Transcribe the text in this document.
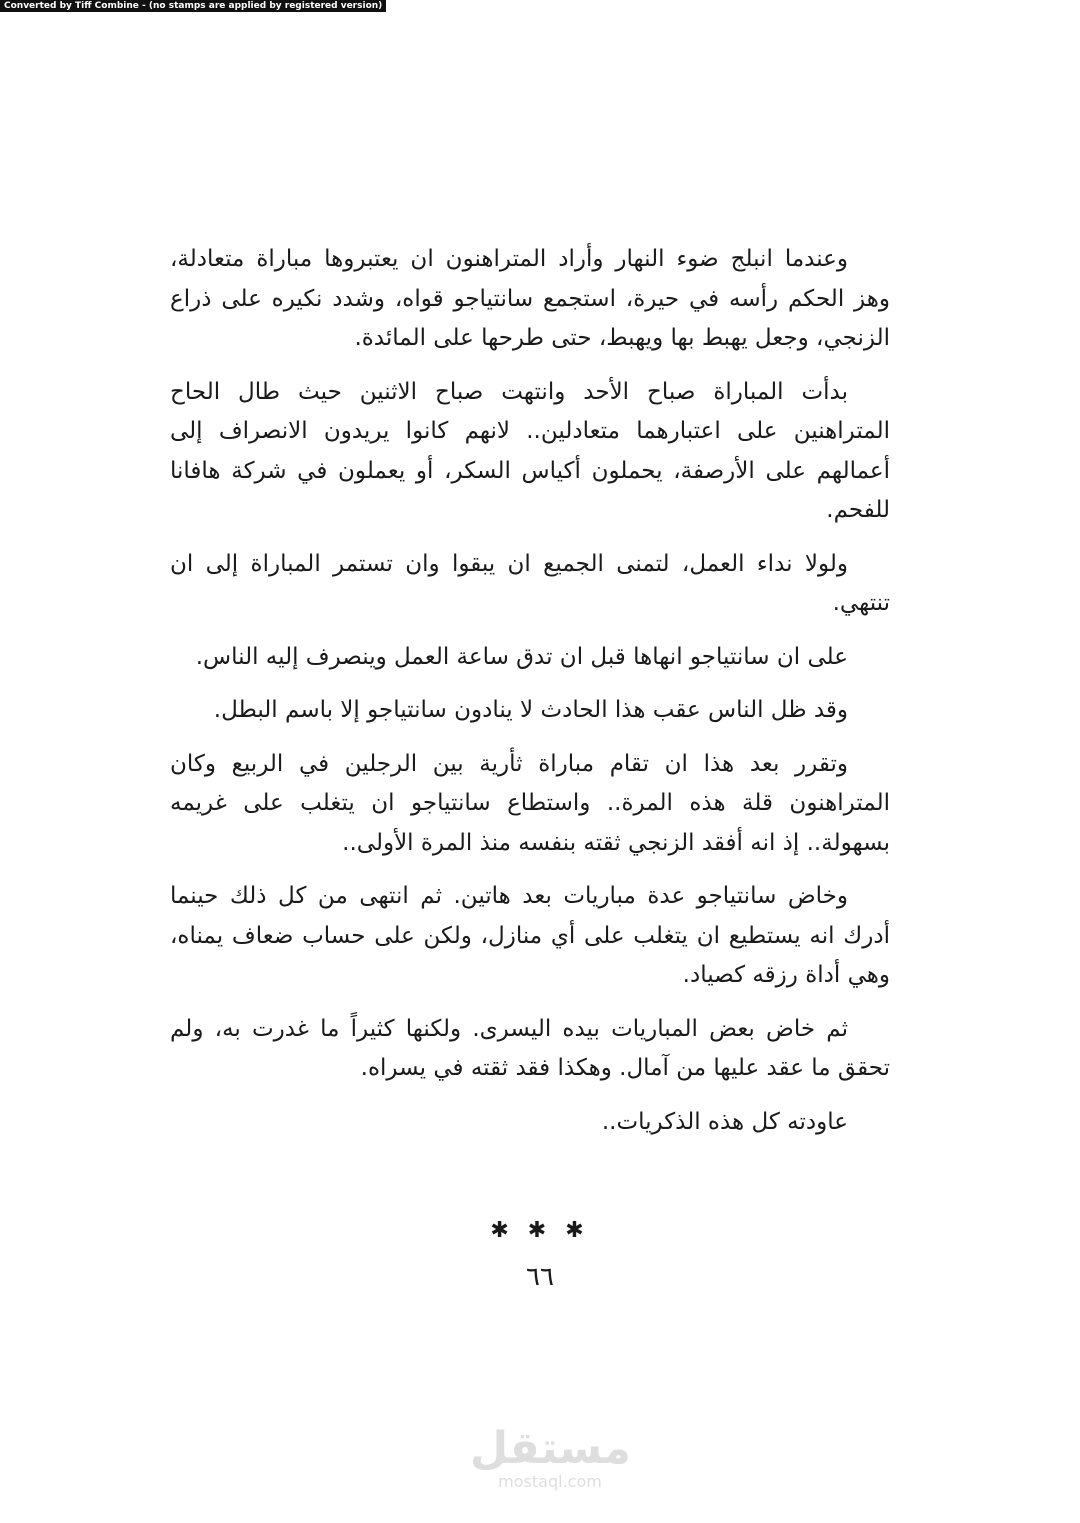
Converted by Tiff Combine - (no stamps are applied by registered version)

وعندما انبلج ضوء النهار وأراد المتراهنون ان يعتبروها مباراة متعادلة، وهز الحكم رأسه في حيرة، استجمع سانتياجو قواه، وشدد نكيره على ذراع الزنجي، وجعل يهبط بها ويهبط، حتى طرحها على المائدة.

بدأت المباراة صباح الأحد وانتهت صباح الاثنين حيث طال الحاح المتراهنين على اعتبارهما متعادلين.. لانهم كانوا يريدون الانصراف إلى أعمالهم على الأرصفة، يحملون أكياس السكر، أو يعملون في شركة هافانا للفحم.

ولولا نداء العمل، لتمنى الجميع ان يبقوا وان تستمر المباراة إلى ان تنتهي.

على ان سانتياجو انهاها قبل ان تدق ساعة العمل وينصرف إليه الناس.

وقد ظل الناس عقب هذا الحادث لا ينادون سانتياجو إلا باسم البطل.

وتقرر بعد هذا ان تقام مباراة ثأرية بين الرجلين في الربيع وكان المتراهنون قلة هذه المرة.. واستطاع سانتياجو ان يتغلب على غريمه بسهولة.. إذ انه أفقد الزنجي ثقته بنفسه منذ المرة الأولى..

وخاض سانتياجو عدة مباريات بعد هاتين. ثم انتهى من كل ذلك حينما أدرك انه يستطيع ان يتغلب على أي منازل، ولكن على حساب ضعاف يمناه، وهي أداة رزقه كصياد.

ثم خاض بعض المباريات بيده اليسرى. ولكنها كثيراً ما غدرت به، ولم تحقق ما عقد عليها من آمال. وهكذا فقد ثقته في يسراه.

عاودته كل هذه الذكريات..

✱ ✱ ✱
٦٦
مستقل
mostaql.com
